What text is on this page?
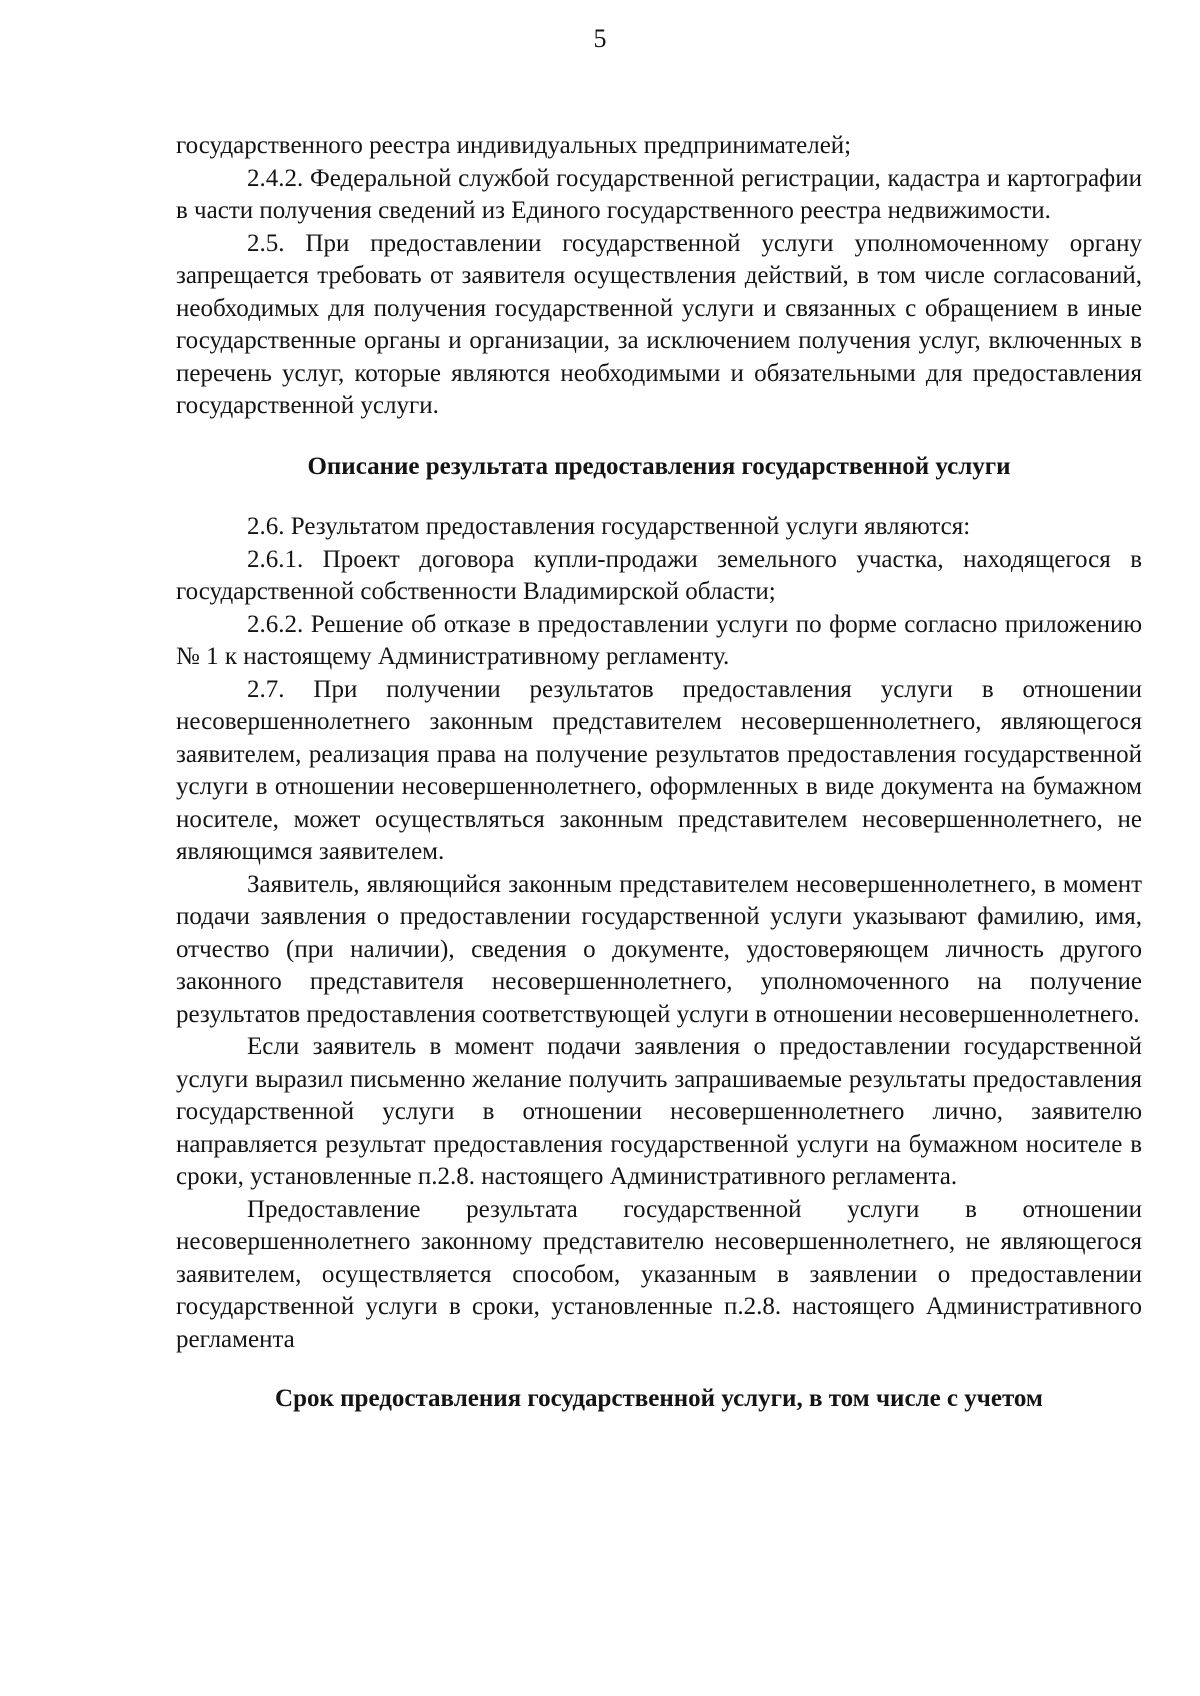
5

государственного реестра индивидуальных предпринимателей;

2.4.2. Федеральной службой государственной регистрации, кадастра и картографии в части получения сведений из Единого государственного реестра недвижимости.

2.5. При предоставлении государственной услуги уполномоченному органу запрещается требовать от заявителя осуществления действий, в том числе согласований, необходимых для получения государственной услуги и связанных с обращением в иные государственные органы и организации, за исключением получения услуг, включенных в перечень услуг, которые являются необходимыми и обязательными для предоставления государственной услуги.

Описание результата предоставления государственной услуги

2.6. Результатом предоставления государственной услуги являются:

2.6.1. Проект договора купли-продажи земельного участка, находящегося в государственной собственности Владимирской области;

2.6.2. Решение об отказе в предоставлении услуги по форме согласно приложению № 1 к настоящему Административному регламенту.

2.7. При получении результатов предоставления услуги в отношении несовершеннолетнего законным представителем несовершеннолетнего, являющегося заявителем, реализация права на получение результатов предоставления государственной услуги в отношении несовершеннолетнего, оформленных в виде документа на бумажном носителе, может осуществляться законным представителем несовершеннолетнего, не являющимся заявителем.

Заявитель, являющийся законным представителем несовершеннолетнего, в момент подачи заявления о предоставлении государственной услуги указывают фамилию, имя, отчество (при наличии), сведения о документе, удостоверяющем личность другого законного представителя несовершеннолетнего, уполномоченного на получение результатов предоставления соответствующей услуги в отношении несовершеннолетнего.

Если заявитель в момент подачи заявления о предоставлении государственной услуги выразил письменно желание получить запрашиваемые результаты предоставления государственной услуги в отношении несовершеннолетнего лично, заявителю направляется результат предоставления государственной услуги на бумажном носителе в сроки, установленные п.2.8. настоящего Административного регламента.

Предоставление результата государственной услуги в отношении несовершеннолетнего законному представителю несовершеннолетнего, не являющегося заявителем, осуществляется способом, указанным в заявлении о предоставлении государственной услуги в сроки, установленные п.2.8. настоящего Административного регламента

Срок предоставления государственной услуги, в том числе с учетом
